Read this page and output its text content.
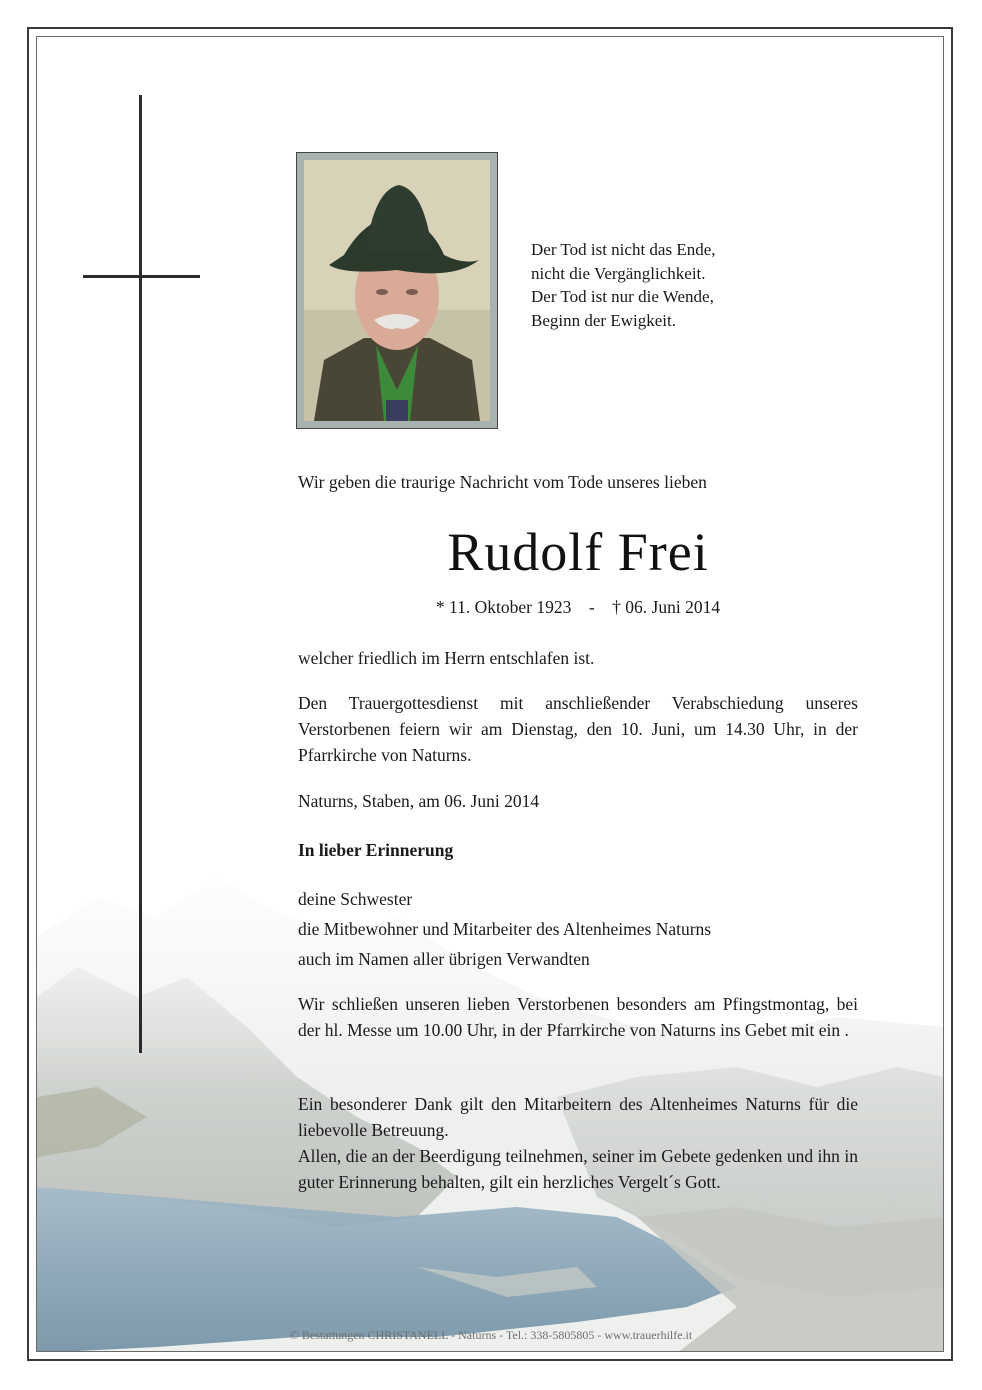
© Bestattungen CHRISTANELL - Naturns - Tel.: 338-5805805 - www.trauerhilfe.it
Der Tod ist nicht das Ende,
nicht die Vergänglichkeit.
Der Tod ist nur die Wende,
Beginn der Ewigkeit.
Wir geben die traurige Nachricht vom Tode unseres lieben
Rudolf Frei
* 11. Oktober 1923    -    † 06. Juni 2014
welcher friedlich im Herrn entschlafen ist.
Den Trauergottesdienst mit anschließender Verabschiedung unseres Verstorbenen feiern wir am Dienstag, den 10. Juni, um 14.30 Uhr, in der Pfarrkirche von Naturns.
Naturns, Staben, am 06. Juni 2014
In lieber Erinnerung
deine Schwester
die Mitbewohner und Mitarbeiter des Altenheimes Naturns
auch im Namen aller übrigen Verwandten
Wir schließen unseren lieben Verstorbenen besonders am Pfingstmontag, bei der hl. Messe um 10.00 Uhr, in der Pfarrkirche von Naturns ins Gebet mit ein .
Ein besonderer Dank gilt den Mitarbeitern des Altenheimes Naturns für die liebevolle Betreuung.
Allen, die an der Beerdigung teilnehmen, seiner im Gebete gedenken und ihn in guter Erinnerung behalten, gilt ein herzliches Vergelt´s Gott.
